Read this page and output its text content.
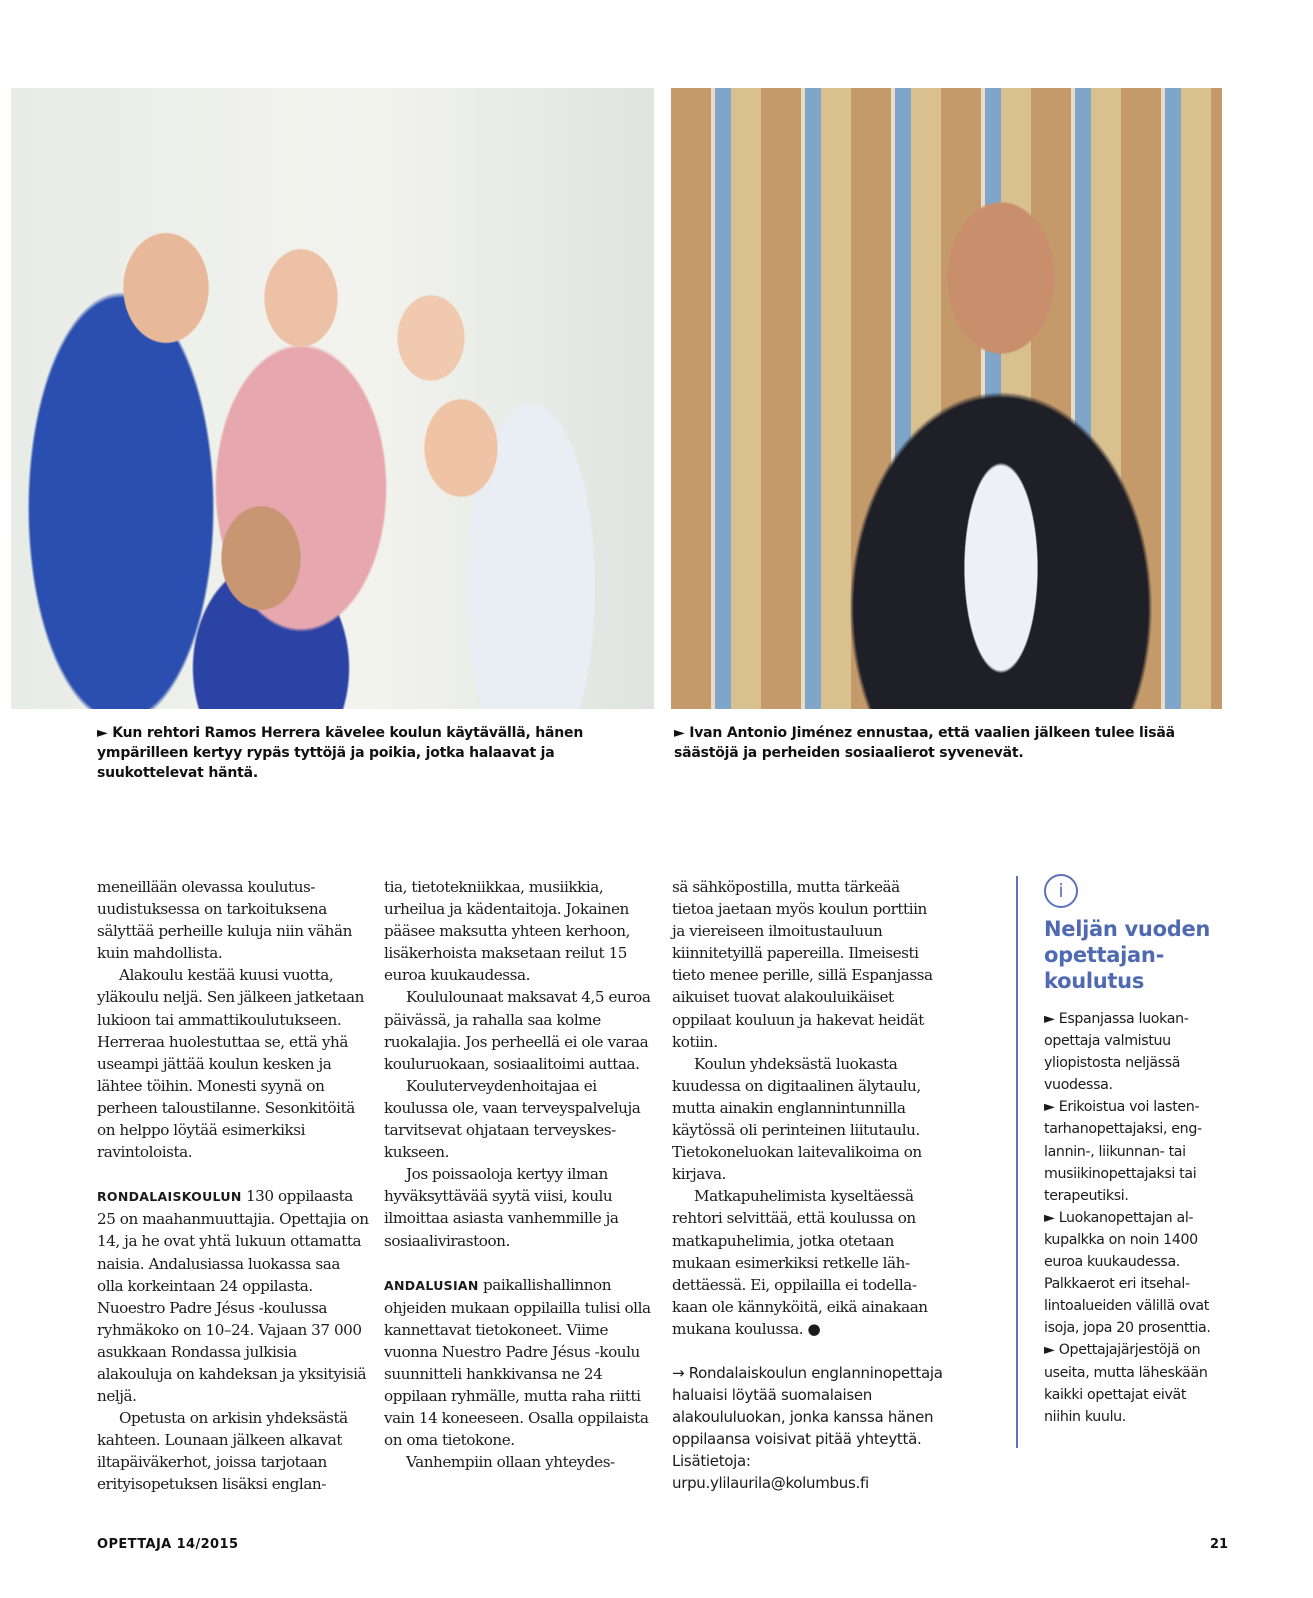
► Kun rehtori Ramos Herrera kävelee koulun käytävällä, hänen ympärilleen kertyy rypäs tyttöjä ja poikia, jotka halaavat ja suukottelevat häntä.
► Ivan Antonio Jiménez ennustaa, että vaalien jälkeen tulee lisää säästöjä ja perheiden sosiaalierot syvenevät.

meneillään olevassa koulutusuudistuksessa on tarkoituksena sälyttää perheille kuluja niin vähän kuin mahdollista.

Alakoulu kestää kuusi vuotta, yläkoulu neljä. Sen jälkeen jatketaan lukioon tai ammattikoulutukseen. Herreraa huolestuttaa se, että yhä useampi jättää koulun kesken ja lähtee töihin. Monesti syynä on perheen taloustilanne. Sesonkitöitä on helppo löytää esimerkiksi ravintoloista.

RONDALAISKOULUN 130 oppilaasta 25 on maahanmuuttajia. Opettajia on 14, ja he ovat yhtä lukuun ottamatta naisia. Andalusiassa luokassa saa olla korkeintaan 24 oppilasta. Nuoestro Padre Jésus -koulussa ryhmäkoko on 10–24. Vajaan 37 000 asukkaan Rondassa julkisia alakouluja on kahdeksan ja yksityisiä neljä.

Opetusta on arkisin yhdeksästä kahteen. Lounaan jälkeen alkavat iltapäiväkerhot, joissa tarjotaan erityisopetuksen lisäksi englan-

tia, tietotekniikkaa, musiikkia, urheilua ja kädentaitoja. Jokainen pääsee maksutta yhteen kerhoon, lisäkerhoista maksetaan reilut 15 euroa kuukaudessa.

Koululounaat maksavat 4,5 euroa päivässä, ja rahalla saa kolme ruokalajia. Jos perheellä ei ole varaa kouluruokaan, sosiaalitoimi auttaa.

Kouluterveydenhoitajaa ei koulussa ole, vaan terveyspalveluja tarvitsevat ohjataan terveyskeskukseen.

Jos poissaoloja kertyy ilman hyväksyttävää syytä viisi, koulu ilmoittaa asiasta vanhemmille ja sosiaalivirastoon.

ANDALUSIAN paikallishallinnon ohjeiden mukaan oppilailla tulisi olla kannettavat tietokoneet. Viime vuonna Nuestro Padre Jésus -koulu suunnitteli hankkivansa ne 24 oppilaan ryhmälle, mutta raha riitti vain 14 koneeseen. Osalla oppilaista on oma tietokone.

Vanhempiin ollaan yhteydes-

sä sähköpostilla, mutta tärkeää tietoa jaetaan myös koulun porttiin ja viereiseen ilmoitustauluun kiinnitetyillä papereilla. Ilmeisesti tieto menee perille, sillä Espanjassa aikuiset tuovat alakouluikäiset oppilaat kouluun ja hakevat heidät kotiin.

Koulun yhdeksästä luokasta kuudessa on digitaalinen älytaulu, mutta ainakin englannintunnilla käytössä oli perinteinen liitutaulu. Tietokoneluokan laitevalikoima on kirjava.

Matkapuhelimista kyseltäessä rehtori selvittää, että koulussa on matkapuhelimia, jotka otetaan mukaan esimerkiksi retkelle lähdettäessä. Ei, oppilailla ei todellakaan ole kännyköitä, eikä ainakaan mukana koulussa. ●

→ Rondalaiskoulun englanninopettaja haluaisi löytää suomalaisen alakoululuokan, jonka kanssa hänen oppilaansa voisivat pitää yhteyttä. Lisätietoja: urpu.ylilaurila@kolumbus.fi

i
Neljän vuoden opettajankoulutus

► Espanjassa luokanopettaja valmistuu yliopistosta neljässä vuodessa.

► Erikoistua voi lastentarhanopettajaksi, englannin-, liikunnan- tai musiikinopettajaksi tai terapeutiksi.

► Luokanopettajan alkupalkka on noin 1400 euroa kuukaudessa. Palkkaerot eri itsehallintoalueiden välillä ovat isoja, jopa 20 prosenttia.

► Opettajajärjestöjä on useita, mutta läheskään kaikki opettajat eivät niihin kuulu.

OPETTAJA 14/2015	21
